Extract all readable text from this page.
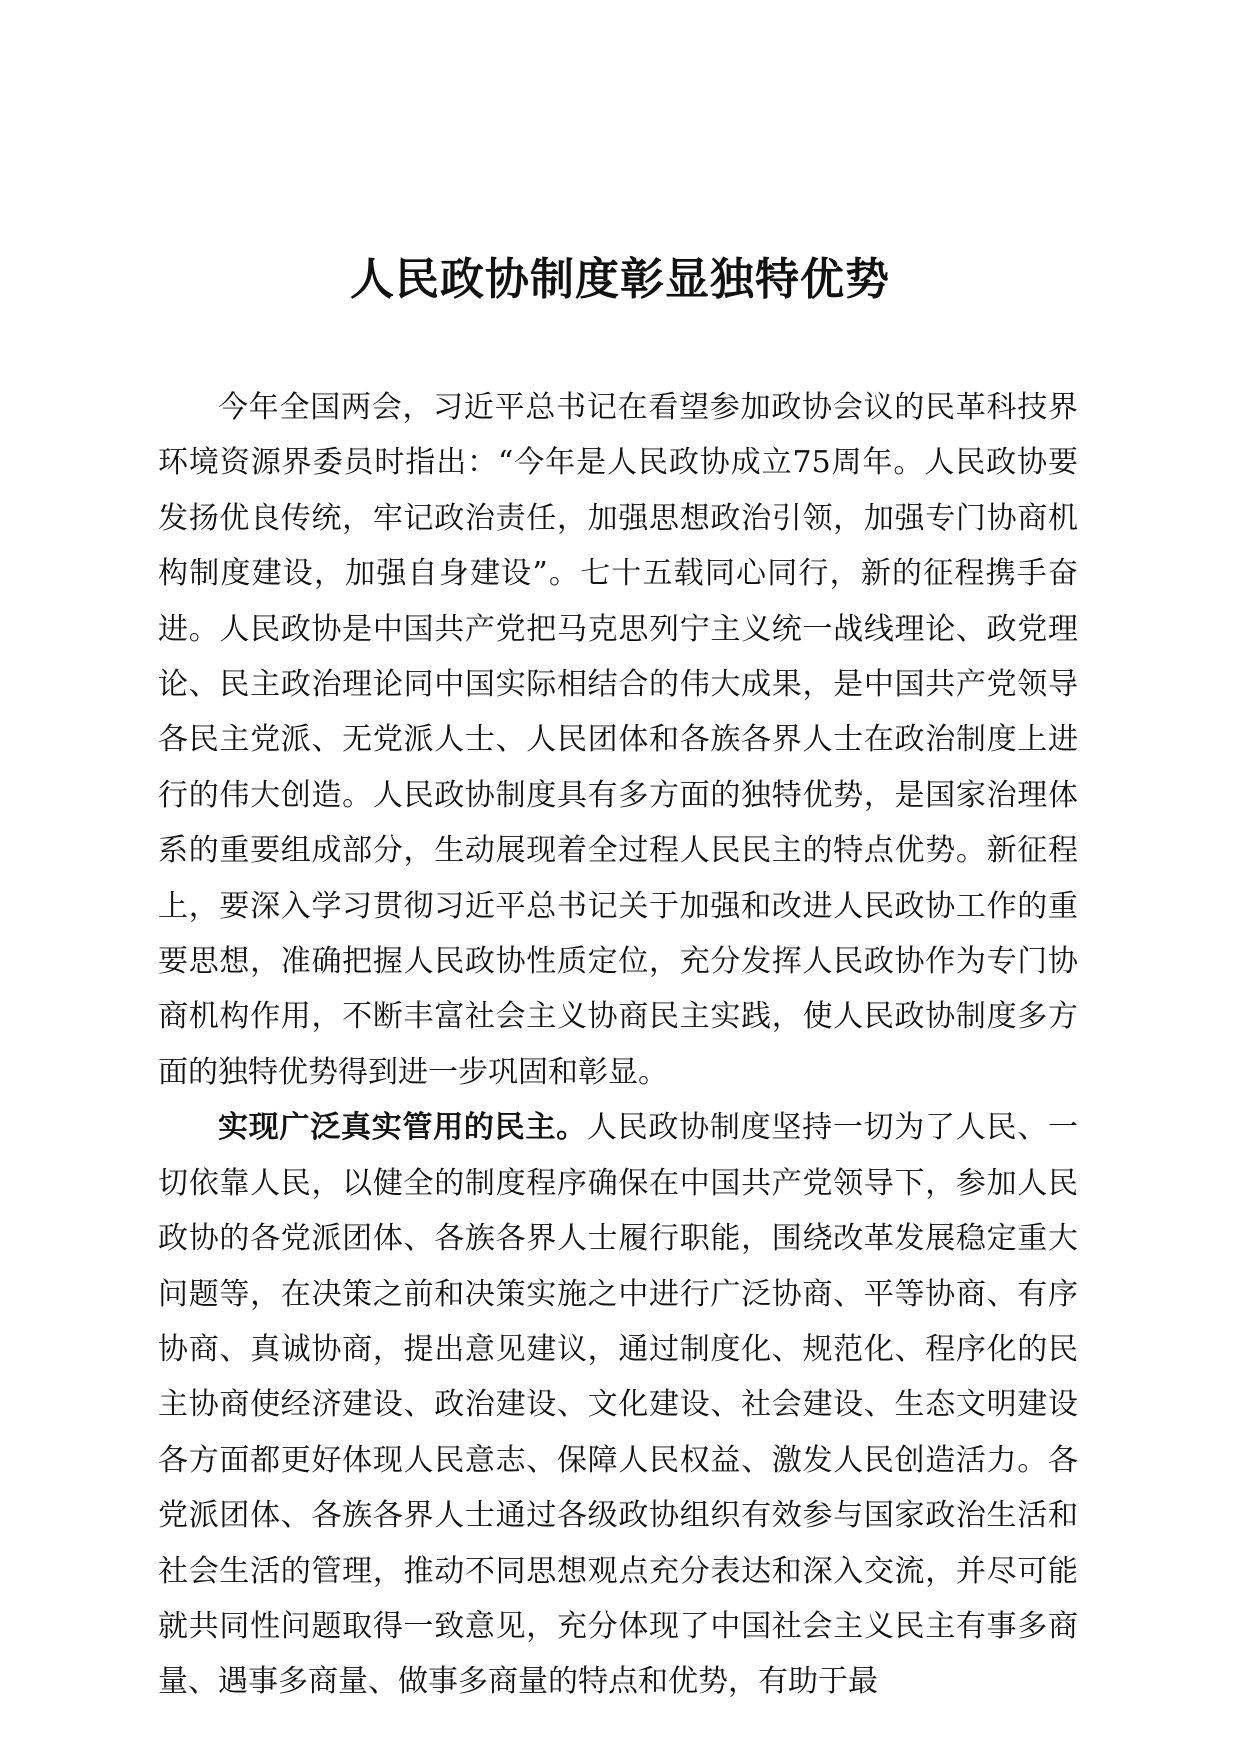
人民政协制度彰显独特优势

今年全国两会，习近平总书记在看望参加政协会议的民革科技界环境资源界委员时指出：“今年是人民政协成立75周年。人民政协要发扬优良传统，牢记政治责任，加强思想政治引领，加强专门协商机构制度建设，加强自身建设”。七十五载同心同行，新的征程携手奋进。人民政协是中国共产党把马克思列宁主义统一战线理论、政党理论、民主政治理论同中国实际相结合的伟大成果，是中国共产党领导各民主党派、无党派人士、人民团体和各族各界人士在政治制度上进行的伟大创造。人民政协制度具有多方面的独特优势，是国家治理体系的重要组成部分，生动展现着全过程人民民主的特点优势。新征程上，要深入学习贯彻习近平总书记关于加强和改进人民政协工作的重要思想，准确把握人民政协性质定位，充分发挥人民政协作为专门协商机构作用，不断丰富社会主义协商民主实践，使人民政协制度多方面的独特优势得到进一步巩固和彰显。

实现广泛真实管用的民主。人民政协制度坚持一切为了人民、一切依靠人民，以健全的制度程序确保在中国共产党领导下，参加人民政协的各党派团体、各族各界人士履行职能，围绕改革发展稳定重大问题等，在决策之前和决策实施之中进行广泛协商、平等协商、有序协商、真诚协商，提出意见建议，通过制度化、规范化、程序化的民主协商使经济建设、政治建设、文化建设、社会建设、生态文明建设各方面都更好体现人民意志、保障人民权益、激发人民创造活力。各党派团体、各族各界人士通过各级政协组织有效参与国家政治生活和社会生活的管理，推动不同思想观点充分表达和深入交流，并尽可能就共同性问题取得一致意见，充分体现了中国社会主义民主有事多商量、遇事多商量、做事多商量的特点和优势，有助于最
